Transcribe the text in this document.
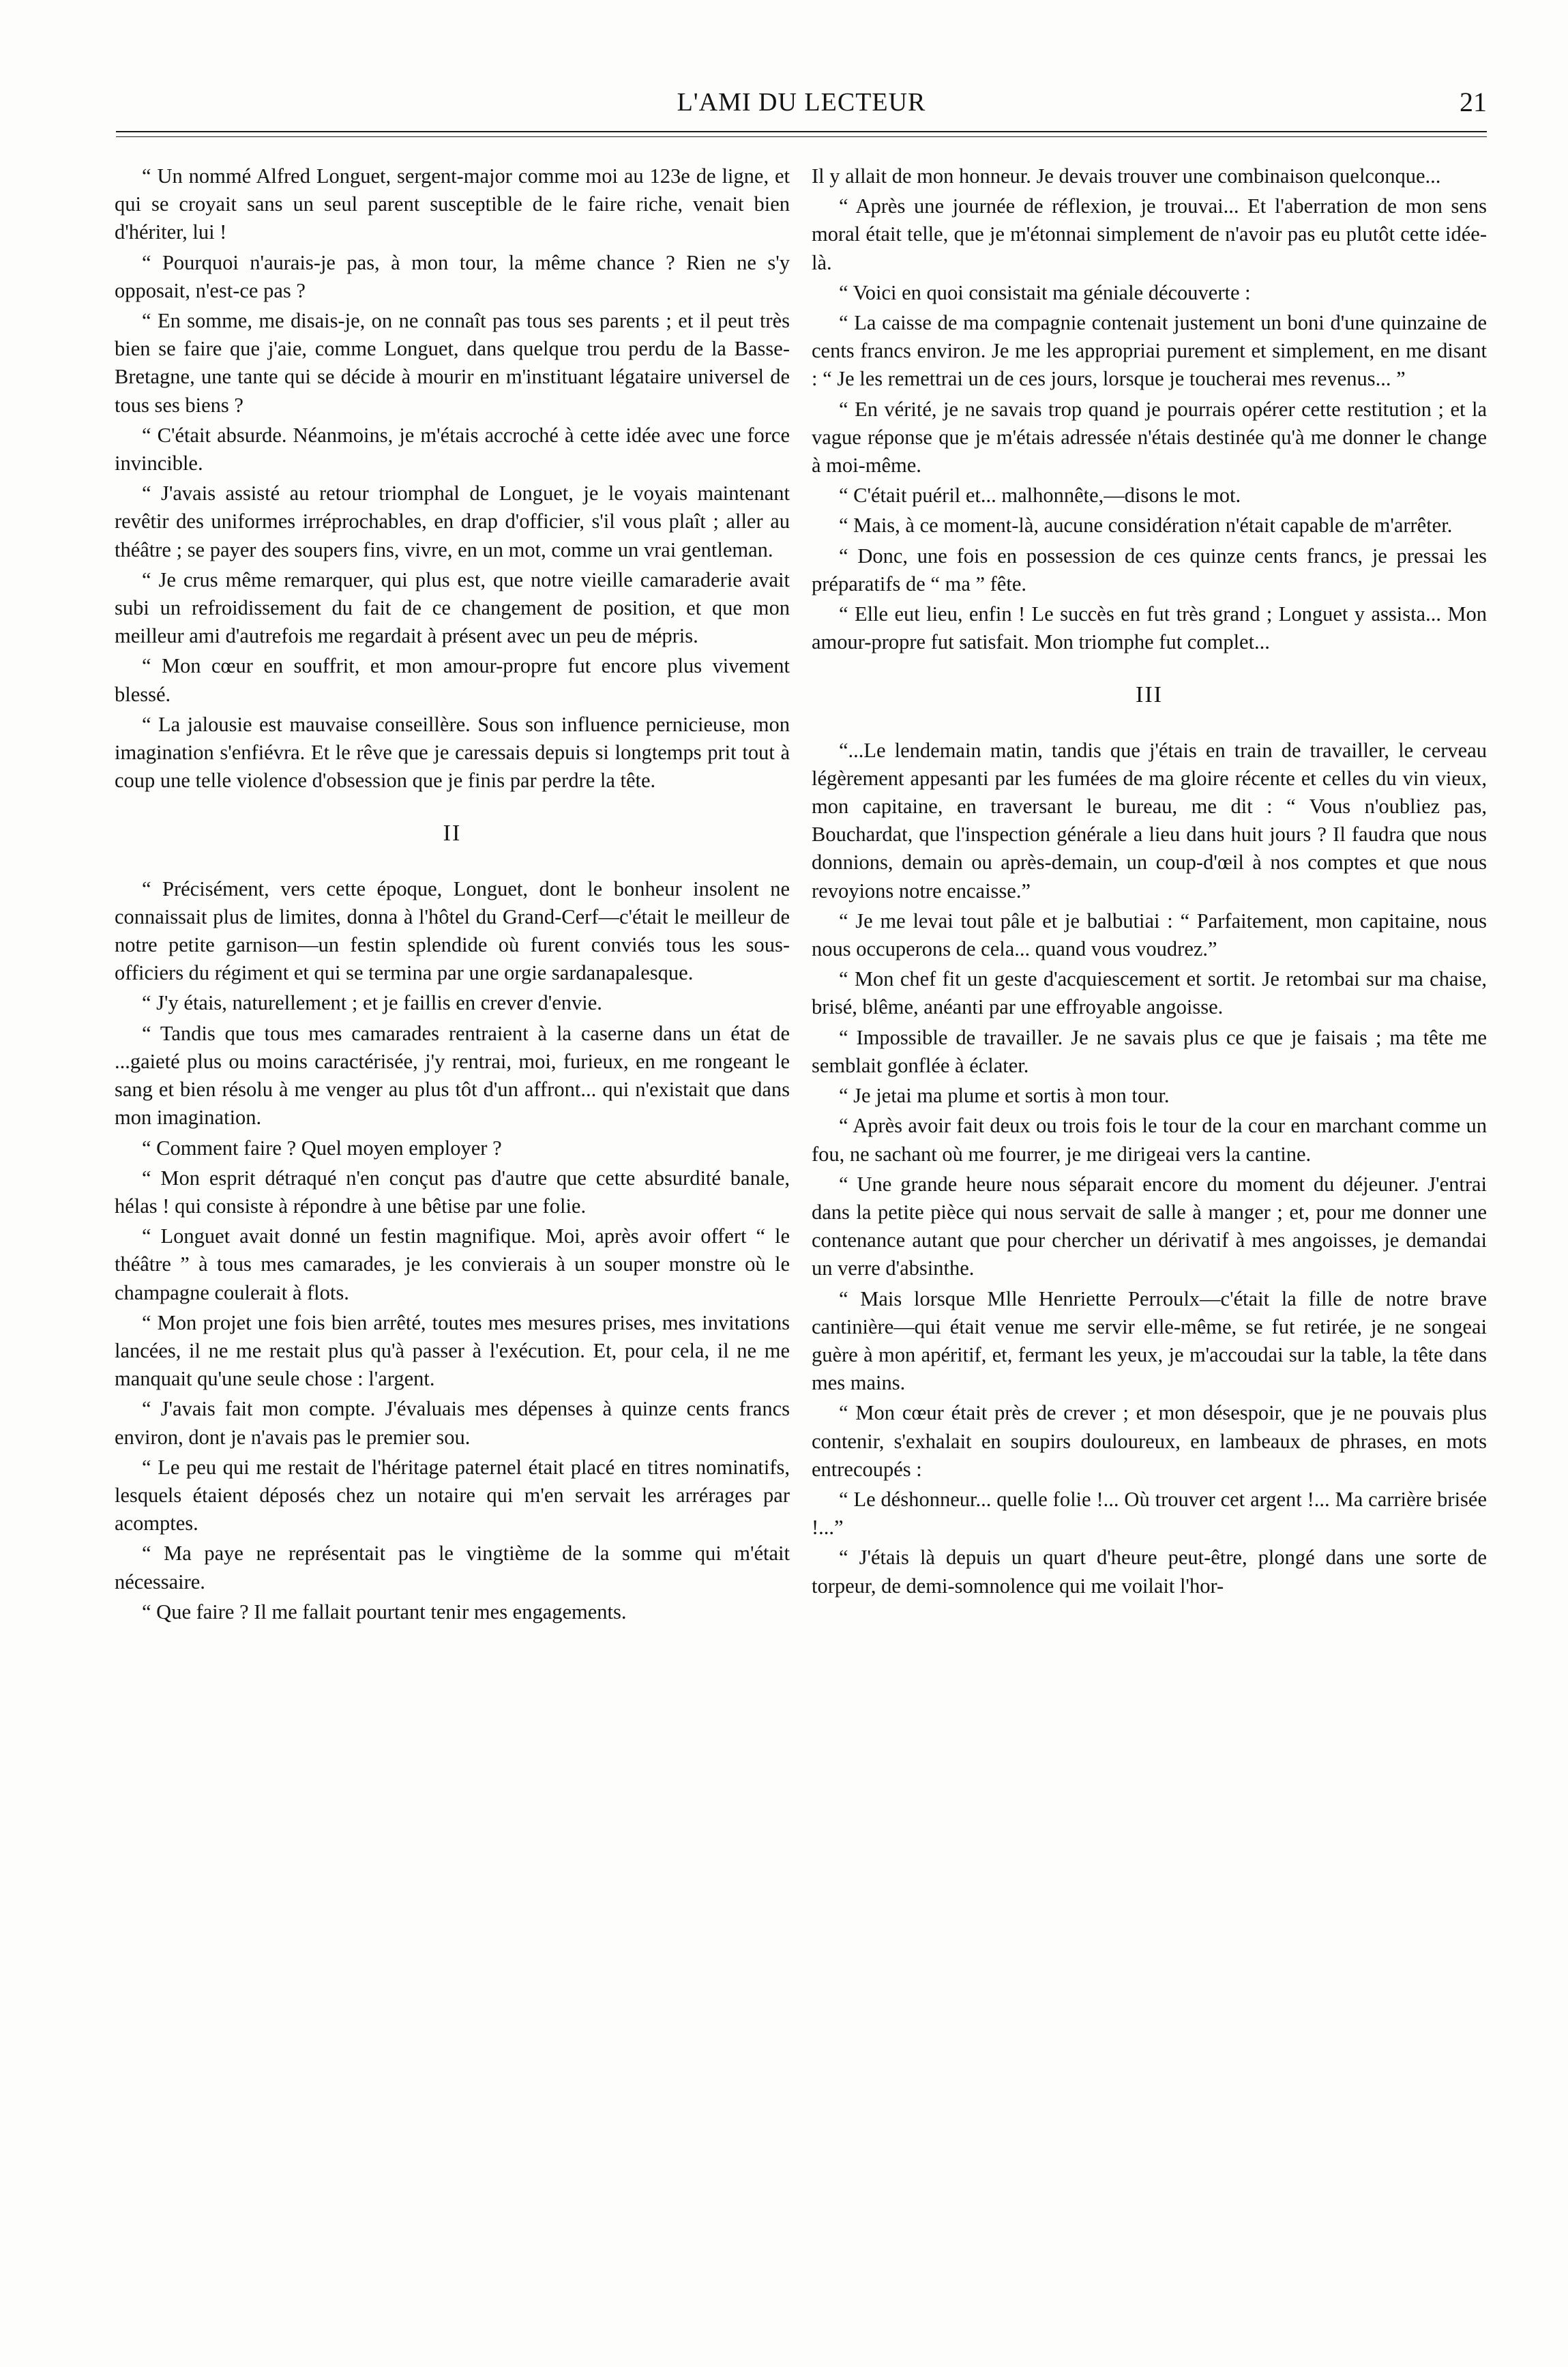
L'AMI DU LECTEUR	21

“ Un nommé Alfred Longuet, sergent-major comme moi au 123e de ligne, et qui se croyait sans un seul parent susceptible de le faire riche, venait bien d'hériter, lui !

“ Pourquoi n'aurais-je pas, à mon tour, la même chance ? Rien ne s'y opposait, n'est-ce pas ?

“ En somme, me disais-je, on ne connaît pas tous ses parents ; et il peut très bien se faire que j'aie, comme Longuet, dans quelque trou perdu de la Basse-Bretagne, une tante qui se décide à mourir en m'instituant légataire universel de tous ses biens ?

“ C'était absurde. Néanmoins, je m'étais accroché à cette idée avec une force invincible.

“ J'avais assisté au retour triomphal de Longuet, je le voyais maintenant revêtir des uniformes irréprochables, en drap d'officier, s'il vous plaît ; aller au théâtre ; se payer des soupers fins, vivre, en un mot, comme un vrai gentleman.

“ Je crus même remarquer, qui plus est, que notre vieille camaraderie avait subi un refroidissement du fait de ce changement de position, et que mon meilleur ami d'autrefois me regardait à présent avec un peu de mépris.

“ Mon cœur en souffrit, et mon amour-propre fut encore plus vivement blessé.

“ La jalousie est mauvaise conseillère. Sous son influence pernicieuse, mon imagination s'enfiévra. Et le rêve que je caressais depuis si longtemps prit tout à coup une telle violence d'obsession que je finis par perdre la tête.

II

“ Précisément, vers cette époque, Longuet, dont le bonheur insolent ne connaissait plus de limites, donna à l'hôtel du Grand-Cerf—c'était le meilleur de notre petite garnison—un festin splendide où furent conviés tous les sous-officiers du régiment et qui se termina par une orgie sardanapalesque.

“ J'y étais, naturellement ; et je faillis en crever d'envie.

“ Tandis que tous mes camarades rentraient à la caserne dans un état de ...gaieté plus ou moins caractérisée, j'y rentrai, moi, furieux, en me rongeant le sang et bien résolu à me venger au plus tôt d'un affront... qui n'existait que dans mon imagination.

“ Comment faire ? Quel moyen employer ?

“ Mon esprit détraqué n'en conçut pas d'autre que cette absurdité banale, hélas ! qui consiste à répondre à une bêtise par une folie.

“ Longuet avait donné un festin magnifique. Moi, après avoir offert “ le théâtre ” à tous mes camarades, je les convierais à un souper monstre où le champagne coulerait à flots.

“ Mon projet une fois bien arrêté, toutes mes mesures prises, mes invitations lancées, il ne me restait plus qu'à passer à l'exécution. Et, pour cela, il ne me manquait qu'une seule chose : l'argent.

“ J'avais fait mon compte. J'évaluais mes dépenses à quinze cents francs environ, dont je n'avais pas le premier sou.

“ Le peu qui me restait de l'héritage paternel était placé en titres nominatifs, lesquels étaient déposés chez un notaire qui m'en servait les arrérages par acomptes.

“ Ma paye ne représentait pas le vingtième de la somme qui m'était nécessaire.

“ Que faire ? Il me fallait pourtant tenir mes engagements.

Il y allait de mon honneur. Je devais trouver une combinaison quelconque...

“ Après une journée de réflexion, je trouvai... Et l'aberration de mon sens moral était telle, que je m'étonnai simplement de n'avoir pas eu plutôt cette idée-là.

“ Voici en quoi consistait ma géniale découverte :

“ La caisse de ma compagnie contenait justement un boni d'une quinzaine de cents francs environ. Je me les appropriai purement et simplement, en me disant : “ Je les remettrai un de ces jours, lorsque je toucherai mes revenus... ”

“ En vérité, je ne savais trop quand je pourrais opérer cette restitution ; et la vague réponse que je m'étais adressée n'étais destinée qu'à me donner le change à moi-même.

“ C'était puéril et... malhonnête,—disons le mot.

“ Mais, à ce moment-là, aucune considération n'était capable de m'arrêter.

“ Donc, une fois en possession de ces quinze cents francs, je pressai les préparatifs de “ ma ” fête.

“ Elle eut lieu, enfin ! Le succès en fut très grand ; Longuet y assista... Mon amour-propre fut satisfait. Mon triomphe fut complet...

III

“...Le lendemain matin, tandis que j'étais en train de travailler, le cerveau légèrement appesanti par les fumées de ma gloire récente et celles du vin vieux, mon capitaine, en traversant le bureau, me dit : “ Vous n'oubliez pas, Bouchardat, que l'inspection générale a lieu dans huit jours ? Il faudra que nous donnions, demain ou après-demain, un coup-d'œil à nos comptes et que nous revoyions notre encaisse.”

“ Je me levai tout pâle et je balbutiai : “ Parfaitement, mon capitaine, nous nous occuperons de cela... quand vous voudrez.”

“ Mon chef fit un geste d'acquiescement et sortit. Je retombai sur ma chaise, brisé, blême, anéanti par une effroyable angoisse.

“ Impossible de travailler. Je ne savais plus ce que je faisais ; ma tête me semblait gonflée à éclater.

“ Je jetai ma plume et sortis à mon tour.

“ Après avoir fait deux ou trois fois le tour de la cour en marchant comme un fou, ne sachant où me fourrer, je me dirigeai vers la cantine.

“ Une grande heure nous séparait encore du moment du déjeuner. J'entrai dans la petite pièce qui nous servait de salle à manger ; et, pour me donner une contenance autant que pour chercher un dérivatif à mes angoisses, je demandai un verre d'absinthe.

“ Mais lorsque Mlle Henriette Perroulx—c'était la fille de notre brave cantinière—qui était venue me servir elle-même, se fut retirée, je ne songeai guère à mon apéritif, et, fermant les yeux, je m'accoudai sur la table, la tête dans mes mains.

“ Mon cœur était près de crever ; et mon désespoir, que je ne pouvais plus contenir, s'exhalait en soupirs douloureux, en lambeaux de phrases, en mots entrecoupés :

“ Le déshonneur... quelle folie !... Où trouver cet argent !... Ma carrière brisée !...”

“ J'étais là depuis un quart d'heure peut-être, plongé dans une sorte de torpeur, de demi-somnolence qui me voilait l'hor-
